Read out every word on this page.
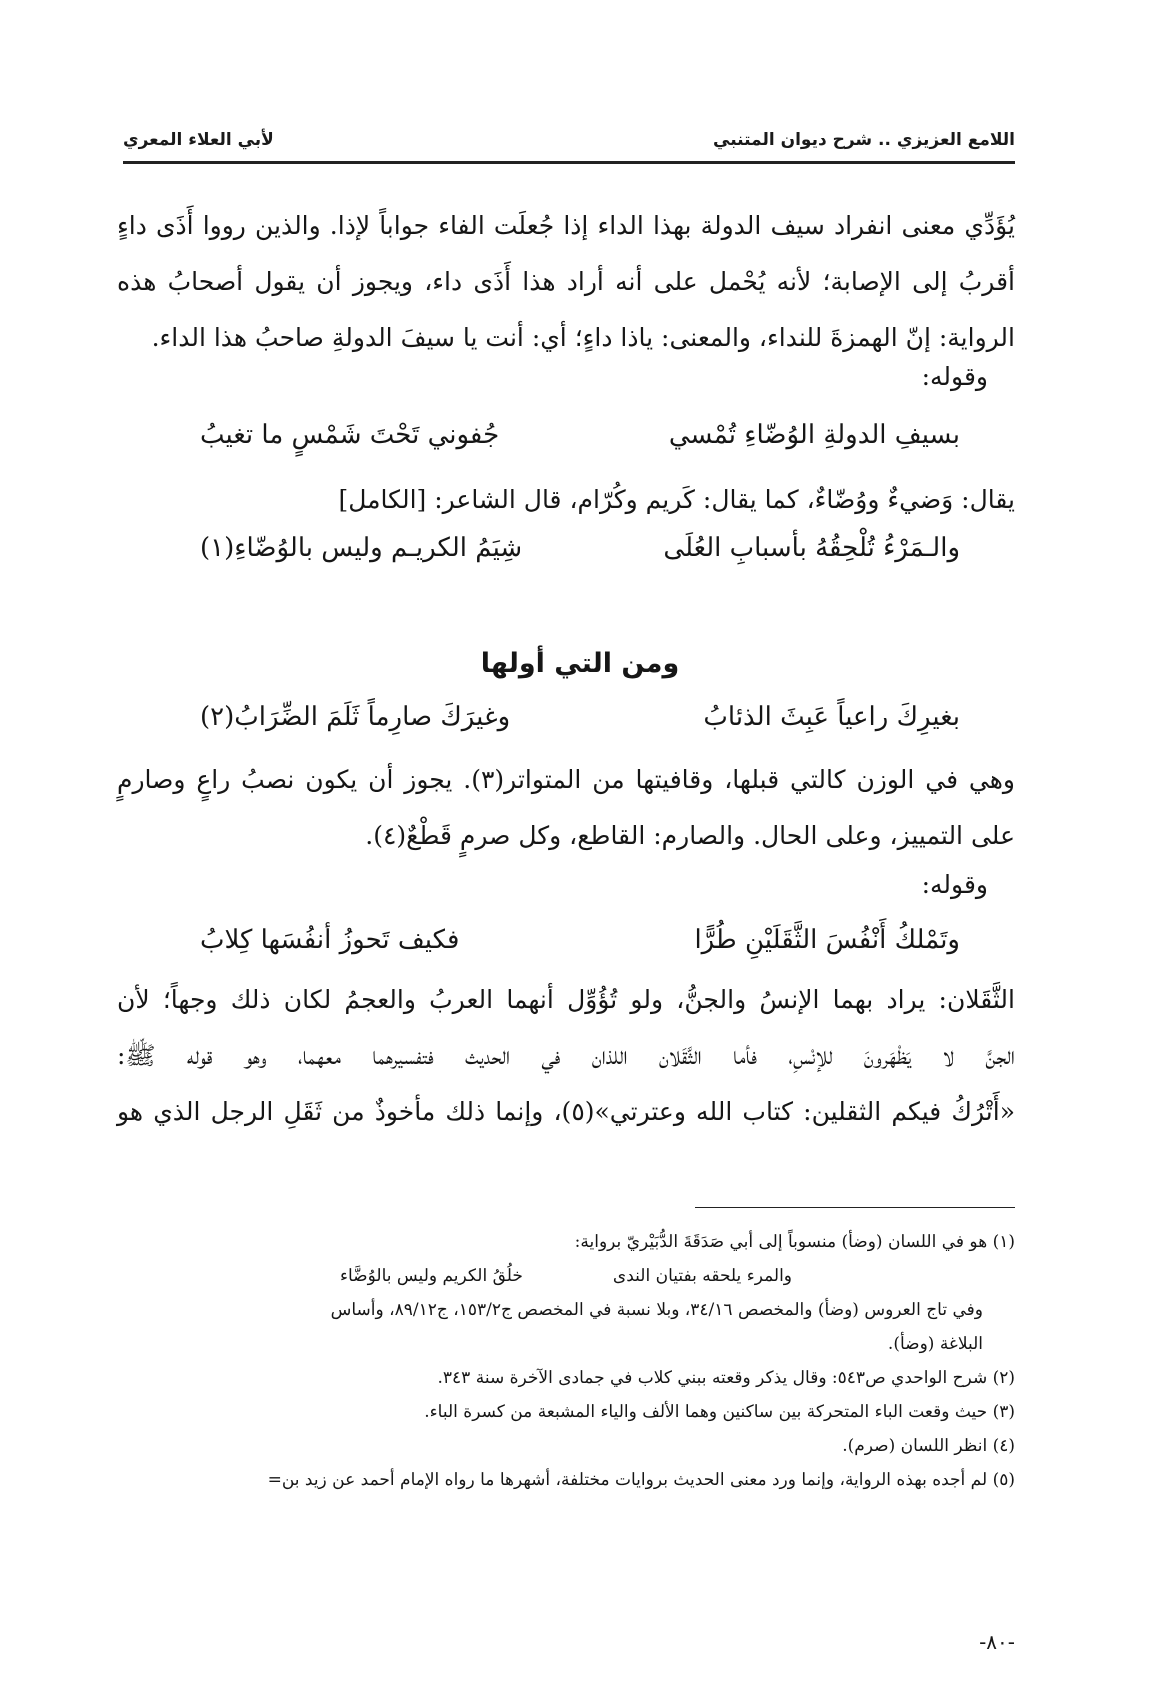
اللامع العزيزي .. شرح ديوان المتنبي
لأبي العلاء المعري
يُؤَدِّي معنى انفراد سيف الدولة بهذا الداء إذا جُعلَت الفاء جواباً لإذا. والذين رووا أَذَى داءٍ
أقربُ إلى الإصابة؛ لأنه يُحْمل على أنه أراد هذا أَذَى داء، ويجوز أن يقول أصحابُ هذه
الرواية: إنّ الهمزةَ للنداء، والمعنى: ياذا داءٍ؛ أي: أنت يا سيفَ الدولةِ صاحبُ هذا الداء.
وقوله:
بسيفِ الدولةِ الوُضّاءِ تُمْسي
جُفوني تَحْتَ شَمْسٍ ما تغيبُ
يقال: وَضيءٌ ووُضّاءٌ، كما يقال: كَريم وكُرّام، قال الشاعر: [الكامل]
والـمَرْءُ تُلْحِقُهُ بأسبابِ العُلَى
شِيَمُ الكريـم وليس بالوُضّاءِ(١)
ومن التي أولها
بغيرِكَ راعياً عَبِثَ الذئابُ
وغيرَكَ صارِماً ثَلَمَ الضِّرَابُ(٢)
وهي في الوزن كالتي قبلها، وقافيتها من المتواتر(٣). يجوز أن يكون نصبُ راعٍ وصارمٍ
على التمييز، وعلى الحال. والصارم: القاطع، وكل صرمٍ قَطْعٌ(٤).
وقوله:
وتَمْلكُ أَنْفُسَ الثَّقَلَيْنِ طُرًّا
فكيف تَحوزُ أنفُسَها كِلابُ
الثَّقَلان: يراد بهما الإنسُ والجنُّ، ولو تُؤُوِّل أنهما العربُ والعجمُ لكان ذلك وجهاً؛ لأن
الجنَّ لا يَظْهَرونَ للإنْسِ، فأما الثَّقَلان اللذان في الحديث فتفسيرهما معهما، وهو قوله ﷺ:
«أَتْرُكُ فيكم الثقلين: كتاب الله وعترتي»(٥)، وإنما ذلك مأخوذٌ من ثَقَلِ الرجل الذي هو
(١) هو في اللسان (وضأ) منسوباً إلى أبي صَدَقَةَ الدُّبَيْريّ برواية:
والمرء يلحقه بفتيان الندى
خلُقُ الكريم وليس بالوُضَّاء
وفي تاج العروس (وضأ) والمخصص ٣٤/١٦، وبلا نسبة في المخصص ج١٥٣/٢، ج٨٩/١٢، وأساس
البلاغة (وضأ).
(٢) شرح الواحدي ص٥٤٣: وقال يذكر وقعته ببني كلاب في جمادى الآخرة سنة ٣٤٣.
(٣) حيث وقعت الباء المتحركة بين ساكنين وهما الألف والياء المشبعة من كسرة الباء.
(٤) انظر اللسان (صرم).
(٥) لم أجده بهذه الرواية، وإنما ورد معنى الحديث بروايات مختلفة، أشهرها ما رواه الإمام أحمد عن زيد بن=
-٨٠-
